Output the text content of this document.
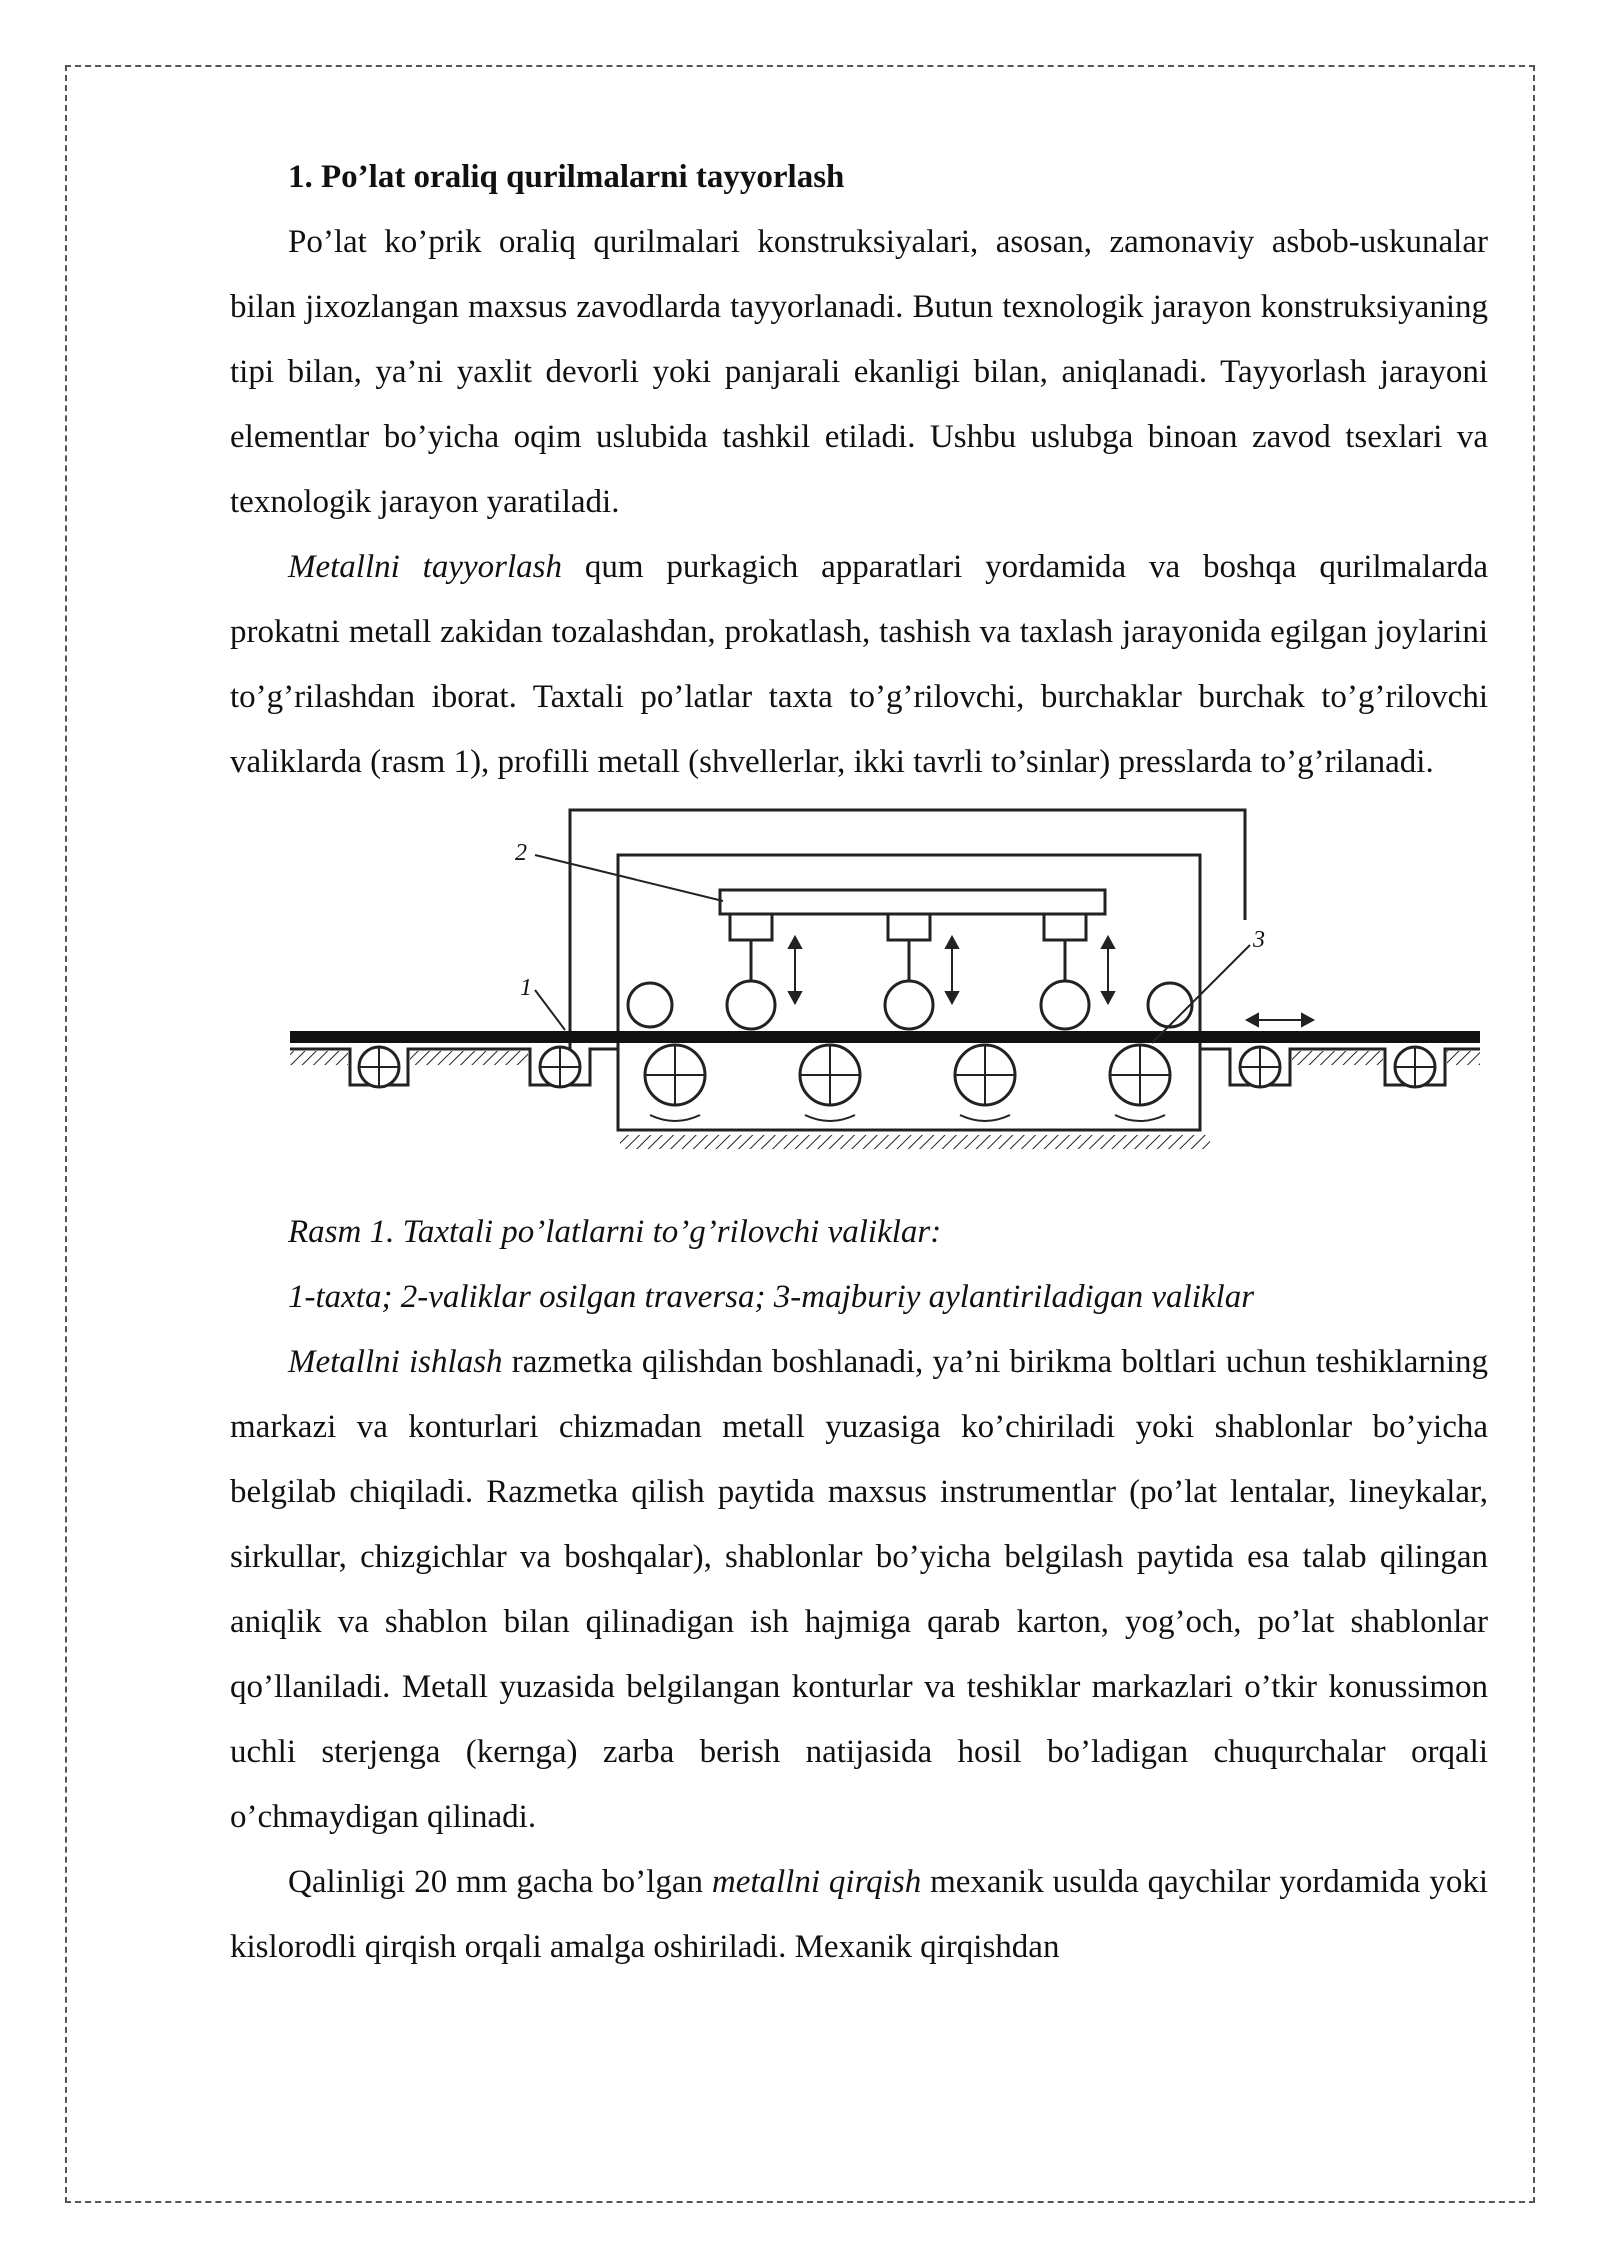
1. Po’lat oraliq qurilmalarni tayyorlash

Po’lat ko’prik oraliq qurilmalari konstruksiyalari, asosan, zamonaviy asbob-uskunalar bilan jixozlangan maxsus zavodlarda tayyorlanadi. Butun texnologik jarayon konstruksiyaning tipi bilan, ya’ni yaxlit devorli yoki panjarali ekanligi bilan, aniqlanadi. Tayyorlash jarayoni elementlar bo’yicha oqim uslubida tashkil etiladi. Ushbu uslubga binoan zavod tsexlari va texnologik jarayon yaratiladi.

Metallni tayyorlash qum purkagich apparatlari yordamida va boshqa qurilmalarda prokatni metall zakidan tozalashdan, prokatlash, tashish va taxlash jarayonida egilgan joylarini to’g’rilashdan iborat. Taxtali po’latlar taxta to’g’rilovchi, burchaklar burchak to’g’rilovchi valiklarda (rasm 1), profilli metall (shvellerlar, ikki tavrli to’sinlar) presslarda to’g’rilanadi.

1
2
3

Rasm 1. Taxtali po’latlarni to’g’rilovchi valiklar:

1-taxta; 2-valiklar osilgan traversa; 3-majburiy aylantiriladigan valiklar

Metallni ishlash razmetka qilishdan boshlanadi, ya’ni birikma boltlari uchun teshiklarning markazi va konturlari chizmadan metall yuzasiga ko’chiriladi yoki shablonlar bo’yicha belgilab chiqiladi. Razmetka qilish paytida maxsus instrumentlar (po’lat lentalar, lineykalar, sirkullar, chizgichlar va boshqalar), shablonlar bo’yicha belgilash paytida esa talab qilingan aniqlik va shablon bilan qilinadigan ish hajmiga qarab karton, yog’och, po’lat shablonlar qo’llaniladi. Metall yuzasida belgilangan konturlar va teshiklar markazlari o’tkir konussimon uchli sterjenga (kernga) zarba berish natijasida hosil bo’ladigan chuqurchalar orqali o’chmaydigan qilinadi.

Qalinligi 20 mm gacha bo’lgan metallni qirqish mexanik usulda qaychilar yordamida yoki kislorodli qirqish orqali amalga oshiriladi. Mexanik qirqishdan
